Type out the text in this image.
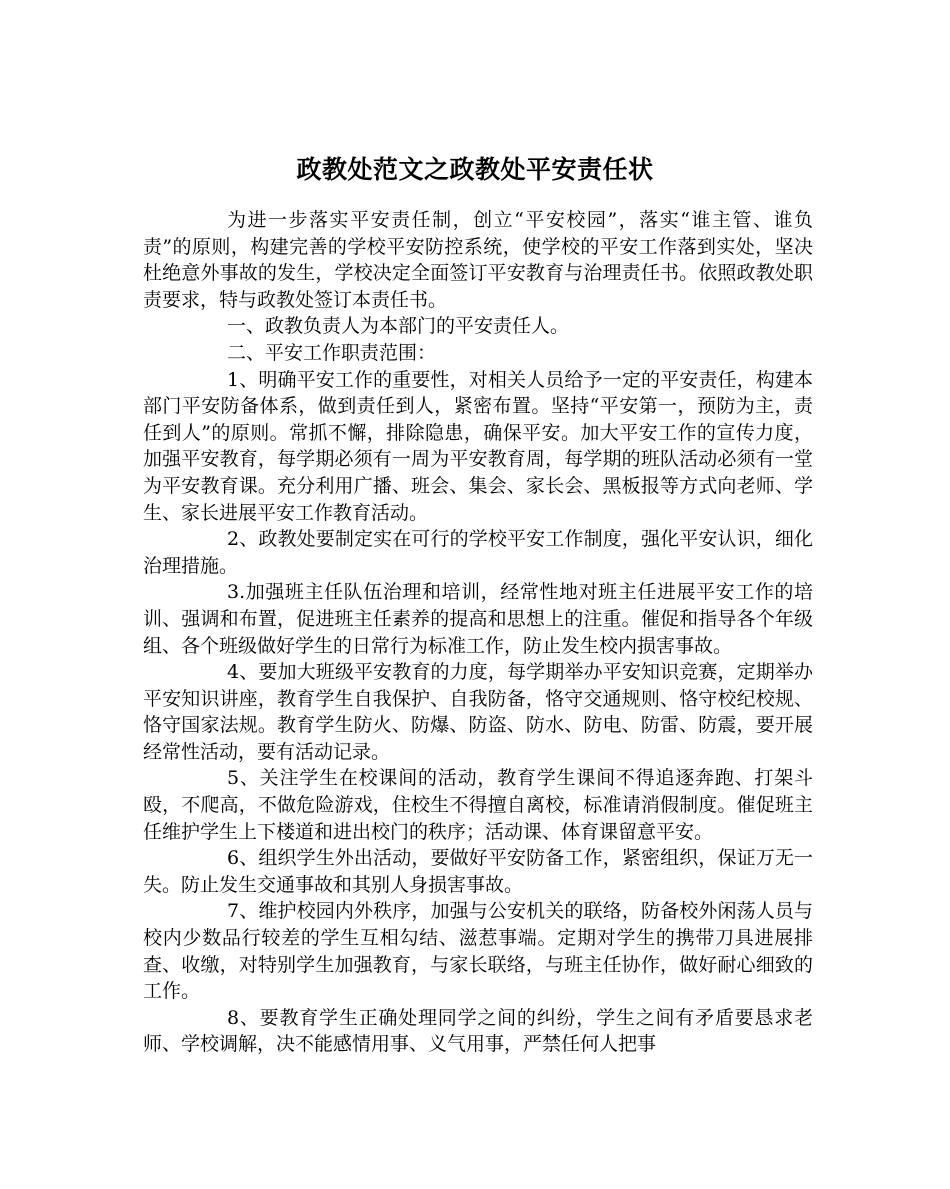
政教处范文之政教处平安责任状

为进一步落实平安责任制，创立“平安校园”，落实“谁主管、谁负责”的原则，构建完善的学校平安防控系统，使学校的平安工作落到实处，坚决杜绝意外事故的发生，学校决定全面签订平安教育与治理责任书。依照政教处职责要求，特与政教处签订本责任书。

一、政教负责人为本部门的平安责任人。

二、平安工作职责范围：

1、明确平安工作的重要性，对相关人员给予一定的平安责任，构建本部门平安防备体系，做到责任到人，紧密布置。坚持“平安第一，预防为主，责任到人”的原则。常抓不懈，排除隐患，确保平安。加大平安工作的宣传力度，加强平安教育，每学期必须有一周为平安教育周，每学期的班队活动必须有一堂为平安教育课。充分利用广播、班会、集会、家长会、黑板报等方式向老师、学生、家长进展平安工作教育活动。

2、政教处要制定实在可行的学校平安工作制度，强化平安认识，细化治理措施。

3.加强班主任队伍治理和培训，经常性地对班主任进展平安工作的培训、强调和布置，促进班主任素养的提高和思想上的注重。催促和指导各个年级组、各个班级做好学生的日常行为标准工作，防止发生校内损害事故。

4、要加大班级平安教育的力度，每学期举办平安知识竞赛，定期举办平安知识讲座，教育学生自我保护、自我防备，恪守交通规则、恪守校纪校规、恪守国家法规。教育学生防火、防爆、防盗、防水、防电、防雷、防震，要开展经常性活动，要有活动记录。

5、关注学生在校课间的活动，教育学生课间不得追逐奔跑、打架斗殴，不爬高，不做危险游戏，住校生不得擅自离校，标准请消假制度。催促班主任维护学生上下楼道和进出校门的秩序；活动课、体育课留意平安。

6、组织学生外出活动，要做好平安防备工作，紧密组织，保证万无一失。防止发生交通事故和其别人身损害事故。

7、维护校园内外秩序，加强与公安机关的联络，防备校外闲荡人员与校内少数品行较差的学生互相勾结、滋惹事端。定期对学生的携带刀具进展排查、收缴，对特别学生加强教育，与家长联络，与班主任协作，做好耐心细致的工作。

8、要教育学生正确处理同学之间的纠纷，学生之间有矛盾要恳求老师、学校调解，决不能感情用事、义气用事，严禁任何人把事
